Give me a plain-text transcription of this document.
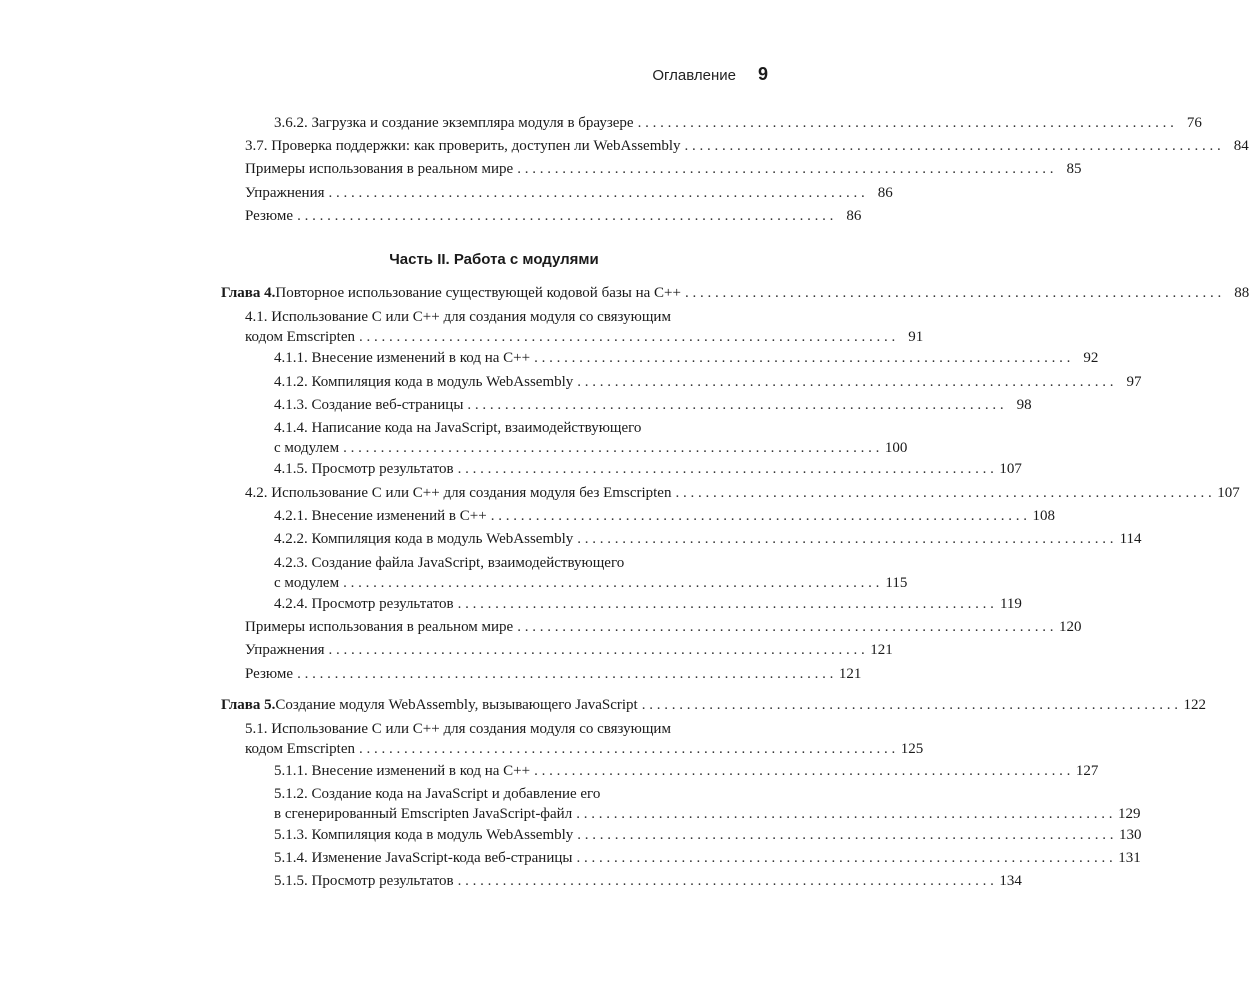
Оглавление 9
Часть II. Работа с модулями
3.6.2. Загрузка и создание экземпляра модуля в браузере . . . . . . . . . . . . . . . . . . . . . . . . . . . . . . . . . . . . . . . . . . . . . . . . . . . . . . . . . . . . . . . . . . . . . . . . 76
3.7. Проверка поддержки: как проверить, доступен ли WebAssembly . . . . . . . . . . . . . . . . . . . . . . . . . . . . . . . . . . . . . . . . . . . . . . . . . . . . . . . . . . . . . . . . . . . . . . . . 84
Примеры использования в реальном мире . . . . . . . . . . . . . . . . . . . . . . . . . . . . . . . . . . . . . . . . . . . . . . . . . . . . . . . . . . . . . . . . . . . . . . . . 85
Упражнения . . . . . . . . . . . . . . . . . . . . . . . . . . . . . . . . . . . . . . . . . . . . . . . . . . . . . . . . . . . . . . . . . . . . . . . . 86
Резюме . . . . . . . . . . . . . . . . . . . . . . . . . . . . . . . . . . . . . . . . . . . . . . . . . . . . . . . . . . . . . . . . . . . . . . . . 86
Глава 4. Повторное использование существующей кодовой базы на C++ . . . . . . . . . . . . . . . . . . . . . . . . . . . . . . . . . . . . . . . . . . . . . . . . . . . . . . . . . . . . . . . . . . . . . . . . 88
4.1. Использование C или C++ для создания модуля со связующим
кодом Emscripten . . . . . . . . . . . . . . . . . . . . . . . . . . . . . . . . . . . . . . . . . . . . . . . . . . . . . . . . . . . . . . . . . . . . . . . . 91
4.1.1. Внесение изменений в код на C++ . . . . . . . . . . . . . . . . . . . . . . . . . . . . . . . . . . . . . . . . . . . . . . . . . . . . . . . . . . . . . . . . . . . . . . . . 92
4.1.2. Компиляция кода в модуль WebAssembly . . . . . . . . . . . . . . . . . . . . . . . . . . . . . . . . . . . . . . . . . . . . . . . . . . . . . . . . . . . . . . . . . . . . . . . . 97
4.1.3. Создание веб-страницы . . . . . . . . . . . . . . . . . . . . . . . . . . . . . . . . . . . . . . . . . . . . . . . . . . . . . . . . . . . . . . . . . . . . . . . . 98
4.1.4. Написание кода на JavaScript, взаимодействующего
с модулем . . . . . . . . . . . . . . . . . . . . . . . . . . . . . . . . . . . . . . . . . . . . . . . . . . . . . . . . . . . . . . . . . . . . . . . . 100
4.1.5. Просмотр результатов . . . . . . . . . . . . . . . . . . . . . . . . . . . . . . . . . . . . . . . . . . . . . . . . . . . . . . . . . . . . . . . . . . . . . . . . 107
4.2. Использование C или C++ для создания модуля без Emscripten . . . . . . . . . . . . . . . . . . . . . . . . . . . . . . . . . . . . . . . . . . . . . . . . . . . . . . . . . . . . . . . . . . . . . . . . 107
4.2.1. Внесение изменений в C++ . . . . . . . . . . . . . . . . . . . . . . . . . . . . . . . . . . . . . . . . . . . . . . . . . . . . . . . . . . . . . . . . . . . . . . . . 108
4.2.2. Компиляция кода в модуль WebAssembly . . . . . . . . . . . . . . . . . . . . . . . . . . . . . . . . . . . . . . . . . . . . . . . . . . . . . . . . . . . . . . . . . . . . . . . . 114
4.2.3. Создание файла JavaScript, взаимодействующего
с модулем . . . . . . . . . . . . . . . . . . . . . . . . . . . . . . . . . . . . . . . . . . . . . . . . . . . . . . . . . . . . . . . . . . . . . . . . 115
4.2.4. Просмотр результатов . . . . . . . . . . . . . . . . . . . . . . . . . . . . . . . . . . . . . . . . . . . . . . . . . . . . . . . . . . . . . . . . . . . . . . . . 119
Примеры использования в реальном мире . . . . . . . . . . . . . . . . . . . . . . . . . . . . . . . . . . . . . . . . . . . . . . . . . . . . . . . . . . . . . . . . . . . . . . . . 120
Упражнения . . . . . . . . . . . . . . . . . . . . . . . . . . . . . . . . . . . . . . . . . . . . . . . . . . . . . . . . . . . . . . . . . . . . . . . . 121
Резюме . . . . . . . . . . . . . . . . . . . . . . . . . . . . . . . . . . . . . . . . . . . . . . . . . . . . . . . . . . . . . . . . . . . . . . . . 121
Глава 5. Создание модуля WebAssembly, вызывающего JavaScript . . . . . . . . . . . . . . . . . . . . . . . . . . . . . . . . . . . . . . . . . . . . . . . . . . . . . . . . . . . . . . . . . . . . . . . . 122
5.1. Использование C или C++ для создания модуля со связующим
кодом Emscripten . . . . . . . . . . . . . . . . . . . . . . . . . . . . . . . . . . . . . . . . . . . . . . . . . . . . . . . . . . . . . . . . . . . . . . . . 125
5.1.1. Внесение изменений в код на C++ . . . . . . . . . . . . . . . . . . . . . . . . . . . . . . . . . . . . . . . . . . . . . . . . . . . . . . . . . . . . . . . . . . . . . . . . 127
5.1.2. Создание кода на JavaScript и добавление его
в сгенерированный Emscripten JavaScript-файл . . . . . . . . . . . . . . . . . . . . . . . . . . . . . . . . . . . . . . . . . . . . . . . . . . . . . . . . . . . . . . . . . . . . . . . . 129
5.1.3. Компиляция кода в модуль WebAssembly . . . . . . . . . . . . . . . . . . . . . . . . . . . . . . . . . . . . . . . . . . . . . . . . . . . . . . . . . . . . . . . . . . . . . . . . 130
5.1.4. Изменение JavaScript-кода веб-страницы . . . . . . . . . . . . . . . . . . . . . . . . . . . . . . . . . . . . . . . . . . . . . . . . . . . . . . . . . . . . . . . . . . . . . . . . 131
5.1.5. Просмотр результатов . . . . . . . . . . . . . . . . . . . . . . . . . . . . . . . . . . . . . . . . . . . . . . . . . . . . . . . . . . . . . . . . . . . . . . . . 134
